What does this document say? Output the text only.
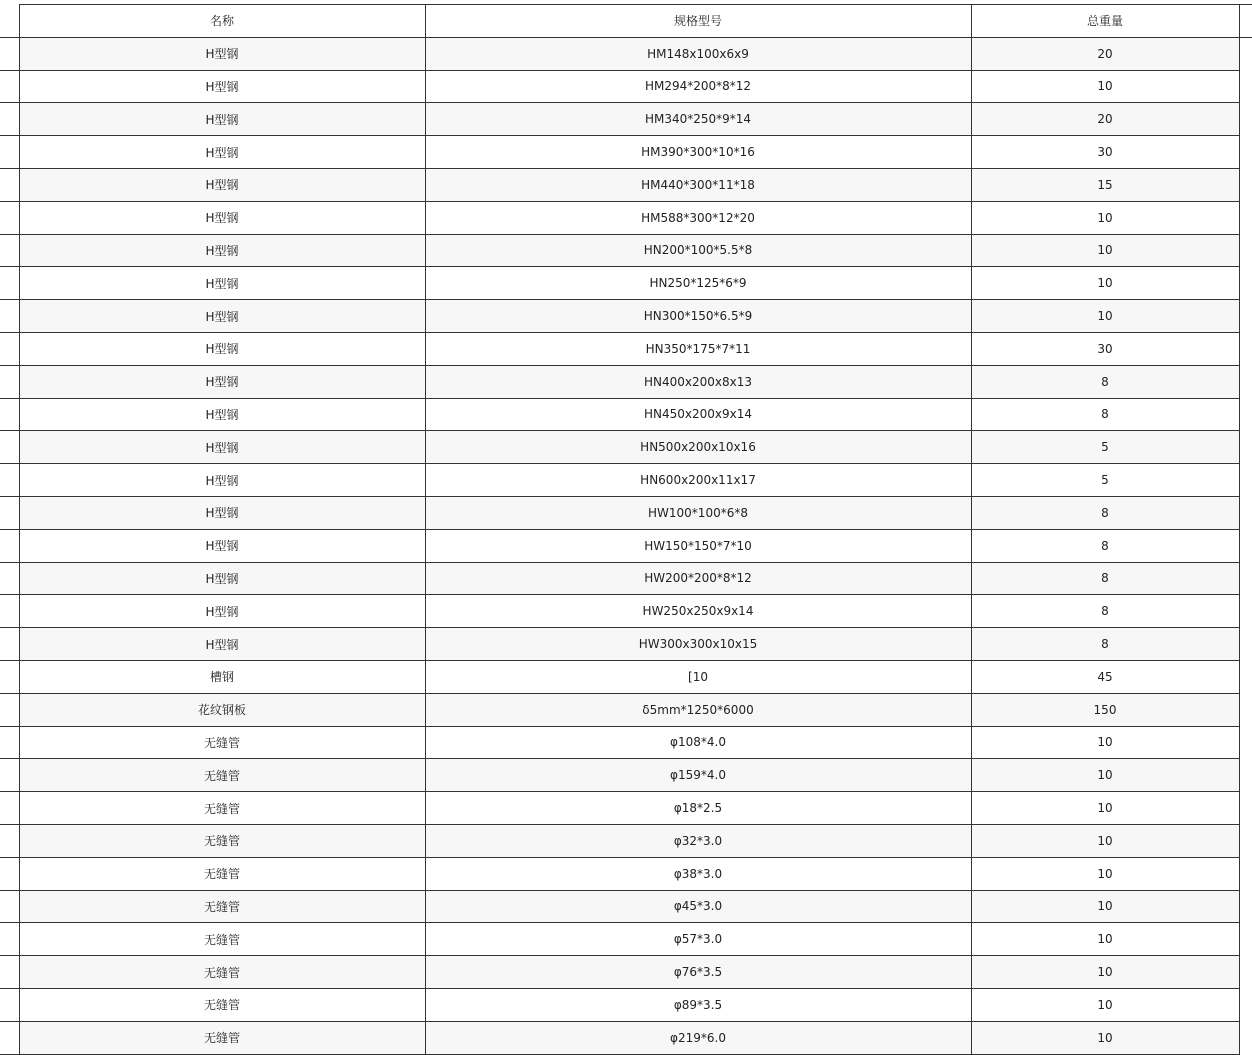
	名称	规格型号	总重量	
	H型钢	HM148x100x6x9	20	
	H型钢	HM294*200*8*12	10	
	H型钢	HM340*250*9*14	20	
	H型钢	HM390*300*10*16	30	
	H型钢	HM440*300*11*18	15	
	H型钢	HM588*300*12*20	10	
	H型钢	HN200*100*5.5*8	10	
	H型钢	HN250*125*6*9	10	
	H型钢	HN300*150*6.5*9	10	
	H型钢	HN350*175*7*11	30	
	H型钢	HN400x200x8x13	8	
	H型钢	HN450x200x9x14	8	
	H型钢	HN500x200x10x16	5	
	H型钢	HN600x200x11x17	5	
	H型钢	HW100*100*6*8	8	
	H型钢	HW150*150*7*10	8	
	H型钢	HW200*200*8*12	8	
	H型钢	HW250x250x9x14	8	
	H型钢	HW300x300x10x15	8	
	槽钢	[10	45	
	花纹钢板	δ5mm*1250*6000	150	
	无缝管	φ108*4.0	10	
	无缝管	φ159*4.0	10	
	无缝管	φ18*2.5	10	
	无缝管	φ32*3.0	10	
	无缝管	φ38*3.0	10	
	无缝管	φ45*3.0	10	
	无缝管	φ57*3.0	10	
	无缝管	φ76*3.5	10	
	无缝管	φ89*3.5	10	
	无缝管	φ219*6.0	10	
